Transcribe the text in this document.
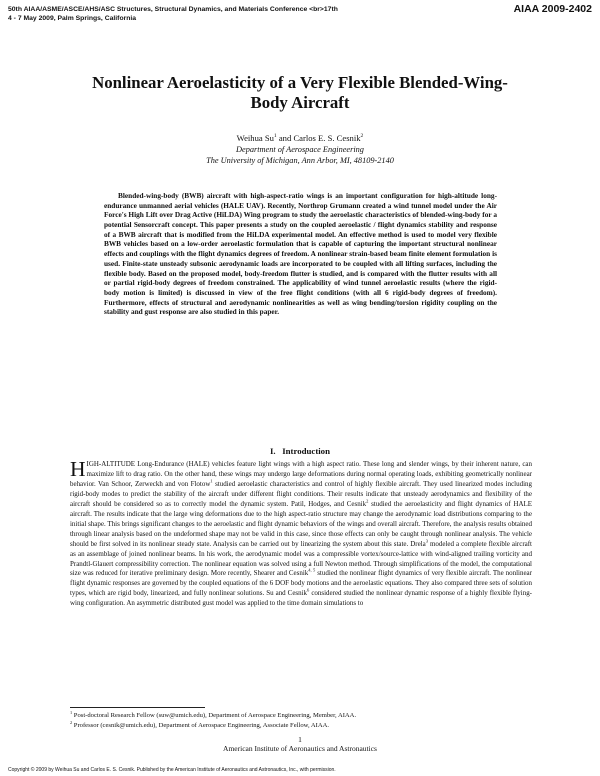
50th AIAA/ASME/ASCE/AHS/ASC Structures, Structural Dynamics, and Materials Conference <br>17th
4 - 7 May 2009, Palm Springs, California
AIAA 2009-2402
Nonlinear Aeroelasticity of a Very Flexible Blended-Wing-
Body Aircraft
Weihua Su$^1$ and Carlos E. S. Cesnik$^2$
Department of Aerospace Engineering
The University of Michigan, Ann Arbor, MI, 48109-2140

Blended-wing-body (BWB) aircraft with high-aspect-ratio wings is an important configuration for high-altitude long-endurance unmanned aerial vehicles (HALE UAV). Recently, Northrop Grumann created a wind tunnel model under the Air Force's High Lift over Drag Active (HiLDA) Wing program to study the aeroelastic characteristics of blended-wing-body for a potential Sensorcraft concept. This paper presents a study on the coupled aeroelastic / flight dynamics stability and response of a BWB aircraft that is modified from the HiLDA experimental model. An effective method is used to model very flexible BWB vehicles based on a low-order aeroelastic formulation that is capable of capturing the important structural nonlinear effects and couplings with the flight dynamics degrees of freedom. A nonlinear strain-based beam finite element formulation is used. Finite-state unsteady subsonic aerodynamic loads are incorporated to be coupled with all lifting surfaces, including the flexible body. Based on the proposed model, body-freedom flutter is studied, and is compared with the flutter results with all or partial rigid-body degrees of freedom constrained. The applicability of wind tunnel aeroelastic results (where the rigid-body motion is limited) is discussed in view of the free flight conditions (with all 6 rigid-body degrees of freedom). Furthermore, effects of structural and aerodynamic nonlinearities as well as wing bending/torsion rigidity coupling on the stability and gust response are also studied in this paper.

I. Introduction

HIGH-ALTITUDE Long-Endurance (HALE) vehicles feature light wings with a high aspect ratio. These long and slender wings, by their inherent nature, can maximize lift to drag ratio. On the other hand, these wings may undergo large deformations during normal operating loads, exhibiting geometrically nonlinear behavior. Van Schoor, Zerweckh and von Flotow$^1$ studied aeroelastic characteristics and control of highly flexible aircraft. They used linearized modes including rigid-body modes to predict the stability of the aircraft under different flight conditions. Their results indicate that unsteady aerodynamics and flexibility of the aircraft should be considered so as to correctly model the dynamic system. Patil, Hodges, and Cesnik$^2$ studied the aeroelasticity and flight dynamics of HALE aircraft. The results indicate that the large wing deformations due to the high aspect-ratio structure may change the aerodynamic load distributions comparing to the initial shape. This brings significant changes to the aeroelastic and flight dynamic behaviors of the wings and overall aircraft. Therefore, the analysis results obtained through linear analysis based on the undeformed shape may not be valid in this case, since those effects can only be caught through nonlinear analysis. The vehicle should be first solved in its nonlinear steady state. Analysis can be carried out by linearizing the system about this state. Drela$^3$ modeled a complete flexible aircraft as an assemblage of joined nonlinear beams. In his work, the aerodynamic model was a compressible vortex/source-lattice with wind-aligned trailing vorticity and Prandtl-Glauert compressibility correction. The nonlinear equation was solved using a full Newton method. Through simplifications of the model, the computational size was reduced for iterative preliminary design. More recently, Shearer and Cesnik$^{4, 5}$ studied the nonlinear flight dynamics of very flexible aircraft. The nonlinear flight dynamic responses are governed by the coupled equations of the 6 DOF body motions and the aeroelastic equations. They also compared three sets of solution types, which are rigid body, linearized, and fully nonlinear solutions. Su and Cesnik$^6$ considered studied the nonlinear dynamic response of a highly flexible flying-wing configuration. An asymmetric distributed gust model was applied to the time domain simulations to

$^1$ Post-doctoral Research Fellow (suw@umich.edu), Department of Aerospace Engineering, Member, AIAA.
$^2$ Professor (cesnik@umich.edu), Department of Aerospace Engineering, Associate Fellow, AIAA.
1
American Institute of Aeronautics and Astronautics
Copyright © 2009 by Weihua Su and Carlos E. S. Cesnik. Published by the American Institute of Aeronautics and Astronautics, Inc., with permission.
